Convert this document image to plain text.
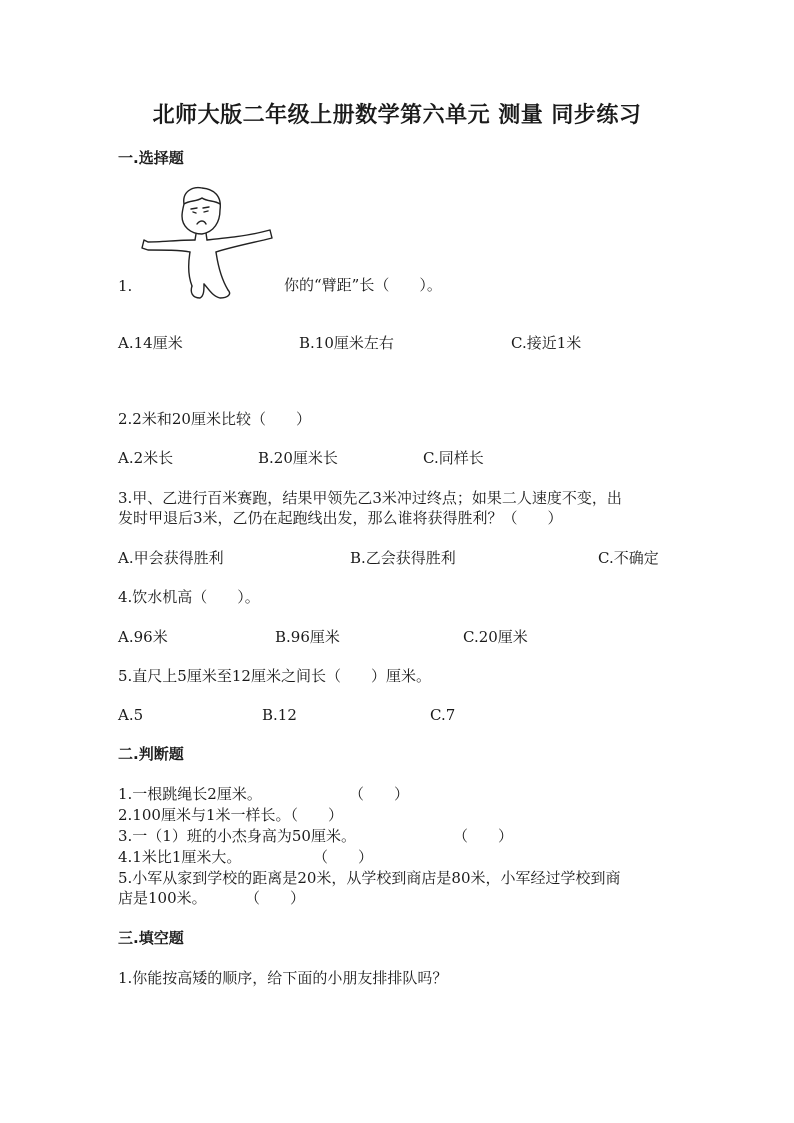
北师大版二年级上册数学第六单元 测量 同步练习
一.选择题
1.	你的“臂距”长（　　）。
A.14厘米	B.10厘米左右	C.接近1米
2.2米和20厘米比较（　　）
A.2米长	B.20厘米长	C.同样长
3.甲、乙进行百米赛跑，结果甲领先乙3米冲过终点；如果二人速度不变，出
发时甲退后3米，乙仍在起跑线出发，那么谁将获得胜利？（　　）
A.甲会获得胜利	B.乙会获得胜利	C.不确定
4.饮水机高（　　）。
A.96米	B.96厘米	C.20厘米
5.直尺上5厘米至12厘米之间长（　　）厘米。
A.5	B.12	C.7
二.判断题
1.一根跳绳长2厘米。	（　　）
2.100厘米与1米一样长。（　　）
3.一（1）班的小杰身高为50厘米。	（　　）
4.1米比1厘米大。	（　　）
5.小军从家到学校的距离是20米，从学校到商店是80米，小军经过学校到商
店是100米。	（　　）
三.填空题
1.你能按高矮的顺序，给下面的小朋友排排队吗？
